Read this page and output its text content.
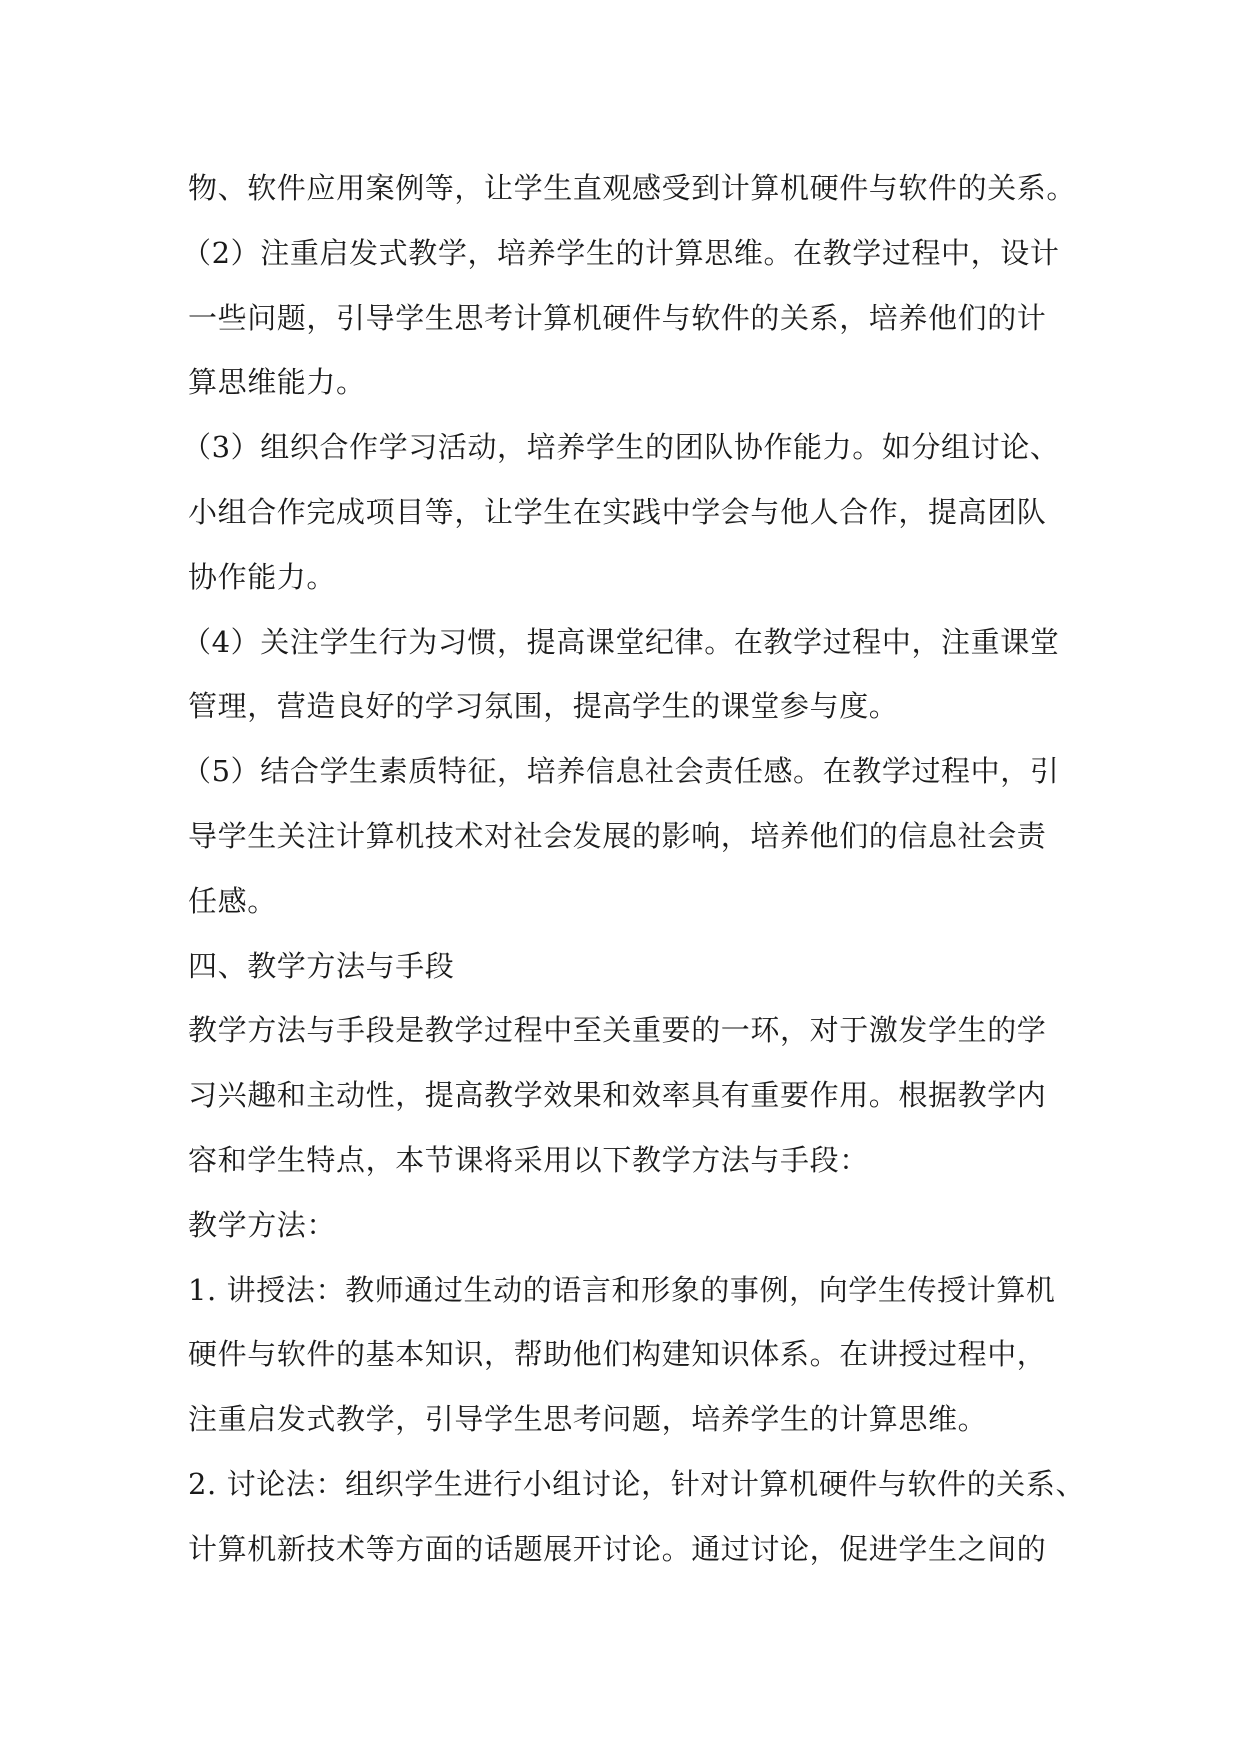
物、软件应用案例等，让学生直观感受到计算机硬件与软件的关系。
（2）注重启发式教学，培养学生的计算思维。在教学过程中，设计
一些问题，引导学生思考计算机硬件与软件的关系，培养他们的计
算思维能力。
（3）组织合作学习活动，培养学生的团队协作能力。如分组讨论、
小组合作完成项目等，让学生在实践中学会与他人合作，提高团队
协作能力。
（4）关注学生行为习惯，提高课堂纪律。在教学过程中，注重课堂
管理，营造良好的学习氛围，提高学生的课堂参与度。
（5）结合学生素质特征，培养信息社会责任感。在教学过程中，引
导学生关注计算机技术对社会发展的影响，培养他们的信息社会责
任感。
四、教学方法与手段
教学方法与手段是教学过程中至关重要的一环，对于激发学生的学
习兴趣和主动性，提高教学效果和效率具有重要作用。根据教学内
容和学生特点，本节课将采用以下教学方法与手段：
教学方法：
1. 讲授法：教师通过生动的语言和形象的事例，向学生传授计算机
硬件与软件的基本知识，帮助他们构建知识体系。在讲授过程中，
注重启发式教学，引导学生思考问题，培养学生的计算思维。
2. 讨论法：组织学生进行小组讨论，针对计算机硬件与软件的关系、
计算机新技术等方面的话题展开讨论。通过讨论，促进学生之间的
